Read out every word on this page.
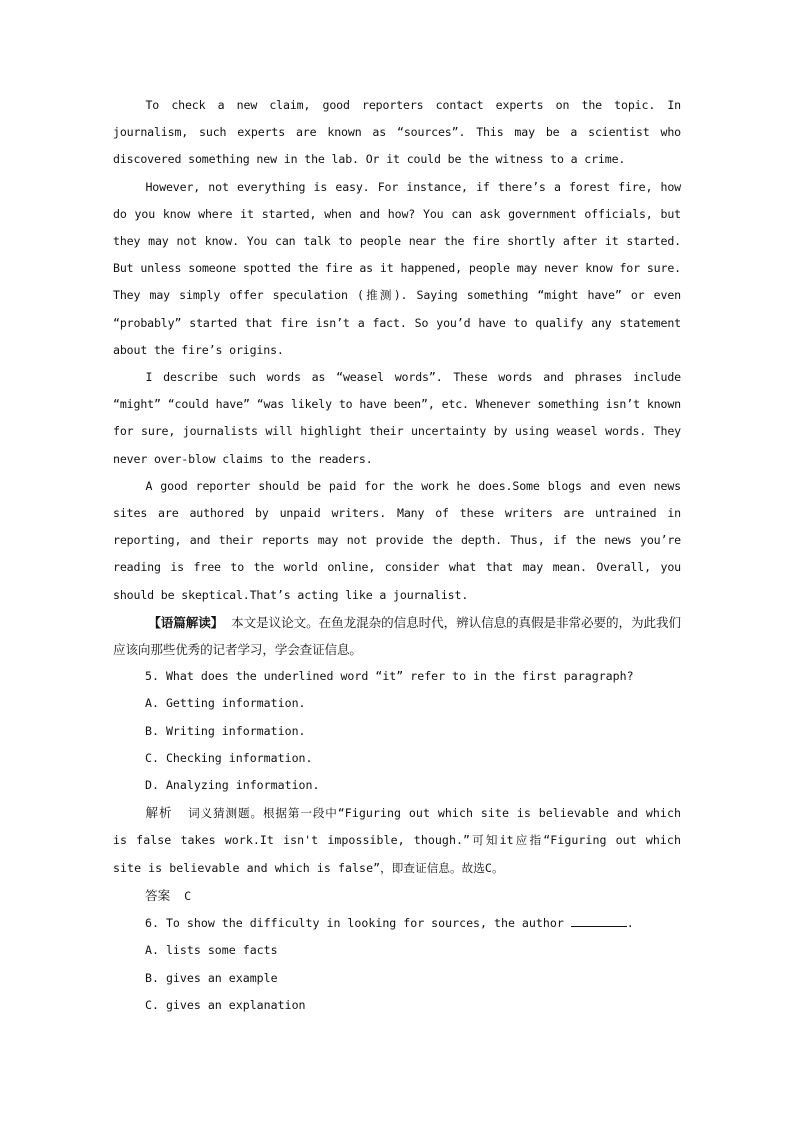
To check a new claim, good reporters contact experts on the topic. In journalism, such experts are known as “sources”. This may be a scientist who discovered something new in the lab. Or it could be the witness to a crime.

However, not everything is easy. For instance, if there’s a forest fire, how do you know where it started, when and how? You can ask government officials, but they may not know. You can talk to people near the fire shortly after it started. But unless someone spotted the fire as it happened, people may never know for sure. They may simply offer speculation (推测). Saying something “might have” or even “probably” started that fire isn’t a fact. So you’d have to qualify any statement about the fire’s origins.

I describe such words as “weasel words”. These words and phrases include “might” “could have” “was likely to have been”, etc. Whenever something isn’t known for sure, journalists will highlight their uncertainty by using weasel words. They never over-blow claims to the readers.

A good reporter should be paid for the work he does.Some blogs and even news sites are authored by unpaid writers. Many of these writers are untrained in reporting, and their reports may not provide the depth. Thus, if the news you’re reading is free to the world online, consider what that may mean. Overall, you should be skeptical.That’s acting like a journalist.

【语篇解读】 本文是议论文。在鱼龙混杂的信息时代，辨认信息的真假是非常必要的，为此我们应该向那些优秀的记者学习，学会查证信息。

5. What does the underlined word “it” refer to in the first paragraph?

A. Getting information.

B. Writing information.

C. Checking information.

D. Analyzing information.

解析 词义猜测题。根据第一段中“Figuring out which site is believable and which is false takes work.It isn't impossible, though.”可知it应指“Figuring out which site is believable and which is false”，即查证信息。故选C。

答案 C

6. To show the difficulty in looking for sources, the author	.

A. lists some facts

B. gives an example

C. gives an explanation
